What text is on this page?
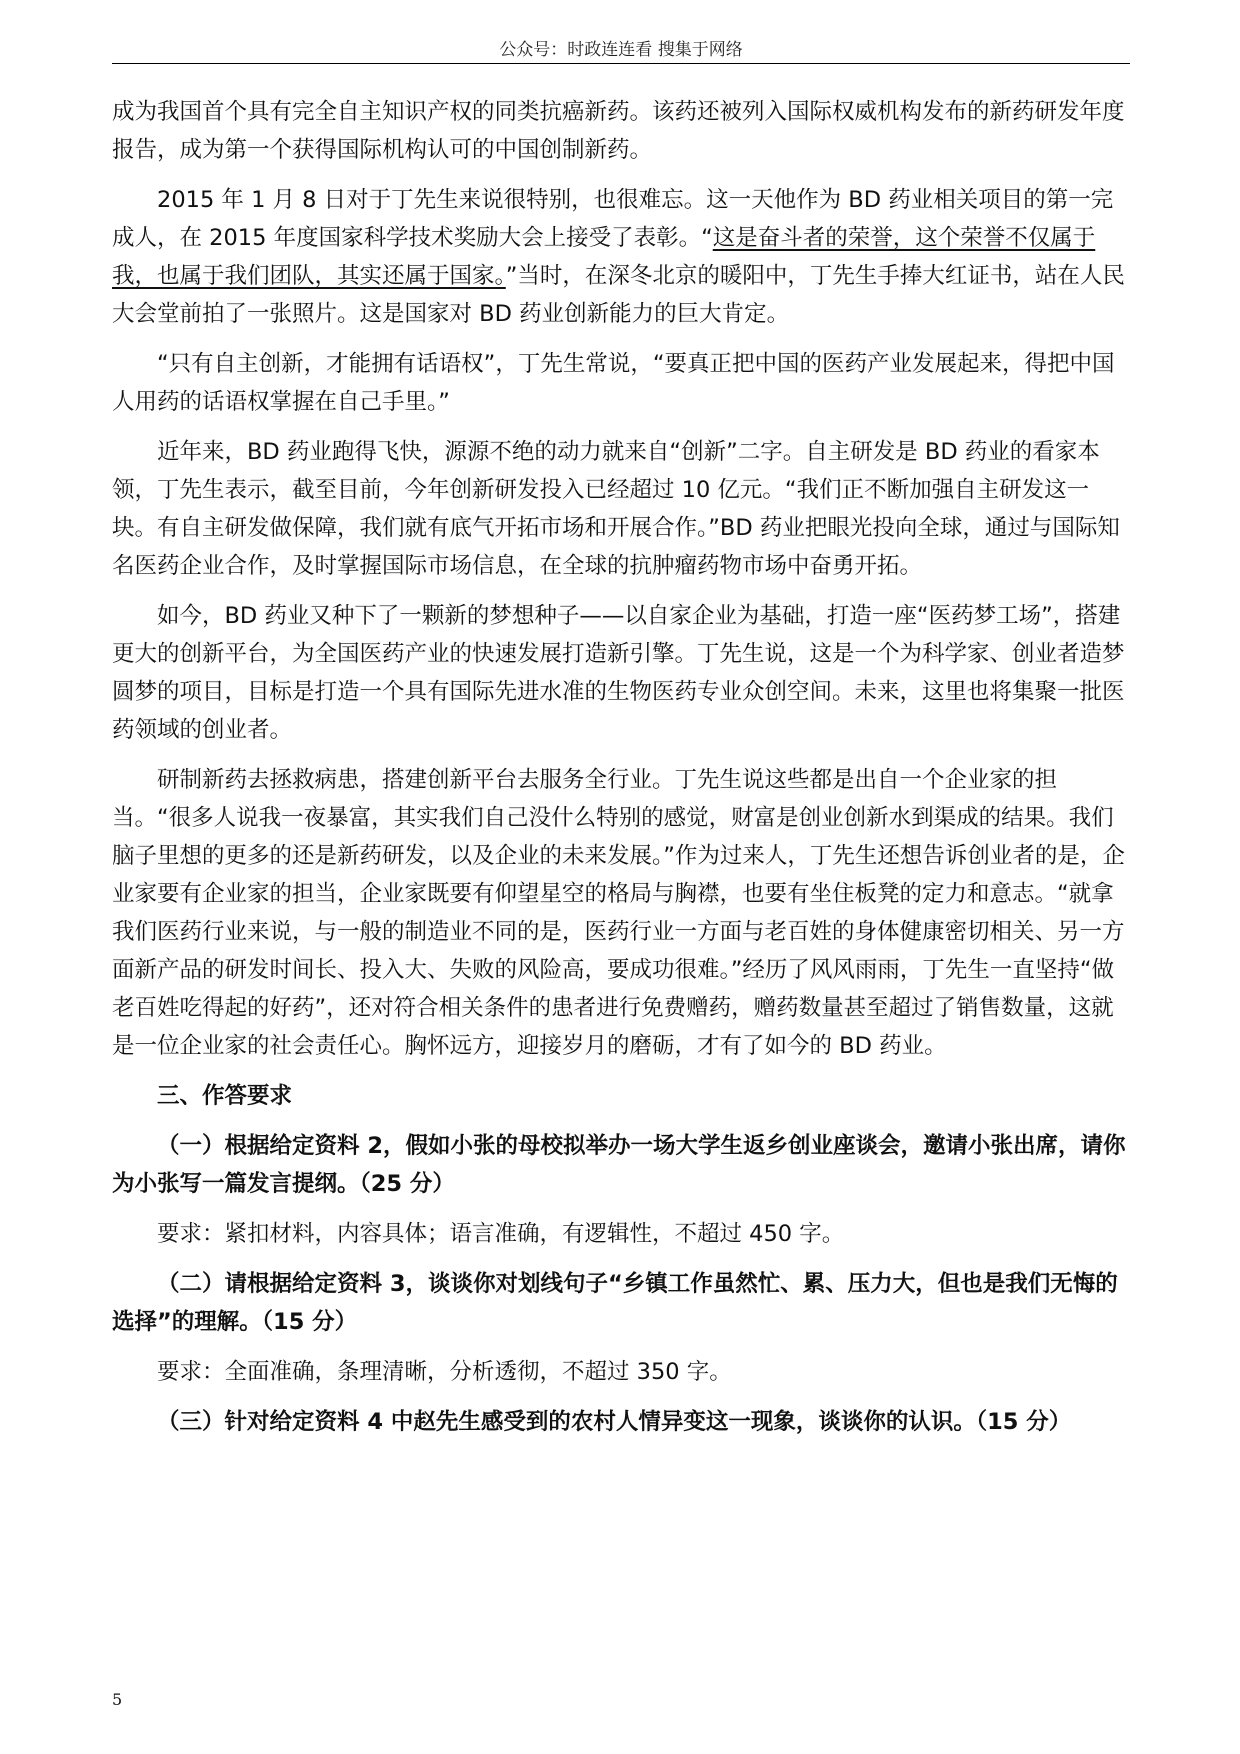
公众号：时政连连看 搜集于网络

成为我国首个具有完全自主知识产权的同类抗癌新药。该药还被列入国际权威机构发布的新药研发年度报告，成为第一个获得国际机构认可的中国创制新药。

2015 年 1 月 8 日对于丁先生来说很特别，也很难忘。这一天他作为 BD 药业相关项目的第一完成人，在 2015 年度国家科学技术奖励大会上接受了表彰。“这是奋斗者的荣誉，这个荣誉不仅属于我，也属于我们团队，其实还属于国家。”当时，在深冬北京的暖阳中，丁先生手捧大红证书，站在人民大会堂前拍了一张照片。这是国家对 BD 药业创新能力的巨大肯定。

“只有自主创新，才能拥有话语权”，丁先生常说，“要真正把中国的医药产业发展起来，得把中国人用药的话语权掌握在自己手里。”

近年来，BD 药业跑得飞快，源源不绝的动力就来自“创新”二字。自主研发是 BD 药业的看家本领，丁先生表示，截至目前，今年创新研发投入已经超过 10 亿元。“我们正不断加强自主研发这一块。有自主研发做保障，我们就有底气开拓市场和开展合作。”BD 药业把眼光投向全球，通过与国际知名医药企业合作，及时掌握国际市场信息，在全球的抗肿瘤药物市场中奋勇开拓。

如今，BD 药业又种下了一颗新的梦想种子——以自家企业为基础，打造一座“医药梦工场”，搭建更大的创新平台，为全国医药产业的快速发展打造新引擎。丁先生说，这是一个为科学家、创业者造梦圆梦的项目，目标是打造一个具有国际先进水准的生物医药专业众创空间。未来，这里也将集聚一批医药领域的创业者。

研制新药去拯救病患，搭建创新平台去服务全行业。丁先生说这些都是出自一个企业家的担当。“很多人说我一夜暴富，其实我们自己没什么特别的感觉，财富是创业创新水到渠成的结果。我们脑子里想的更多的还是新药研发，以及企业的未来发展。”作为过来人，丁先生还想告诉创业者的是，企业家要有企业家的担当，企业家既要有仰望星空的格局与胸襟，也要有坐住板凳的定力和意志。“就拿我们医药行业来说，与一般的制造业不同的是，医药行业一方面与老百姓的身体健康密切相关、另一方面新产品的研发时间长、投入大、失败的风险高，要成功很难。”经历了风风雨雨，丁先生一直坚持“做老百姓吃得起的好药”，还对符合相关条件的患者进行免费赠药，赠药数量甚至超过了销售数量，这就是一位企业家的社会责任心。胸怀远方，迎接岁月的磨砺，才有了如今的 BD 药业。

三、作答要求

（一）根据给定资料 2，假如小张的母校拟举办一场大学生返乡创业座谈会，邀请小张出席，请你为小张写一篇发言提纲。（25 分）

要求：紧扣材料，内容具体；语言准确，有逻辑性，不超过 450 字。

（二）请根据给定资料 3，谈谈你对划线句子“乡镇工作虽然忙、累、压力大，但也是我们无悔的选择”的理解。（15 分）

要求：全面准确，条理清晰，分析透彻，不超过 350 字。

（三）针对给定资料 4 中赵先生感受到的农村人情异变这一现象，谈谈你的认识。（15 分）

5
